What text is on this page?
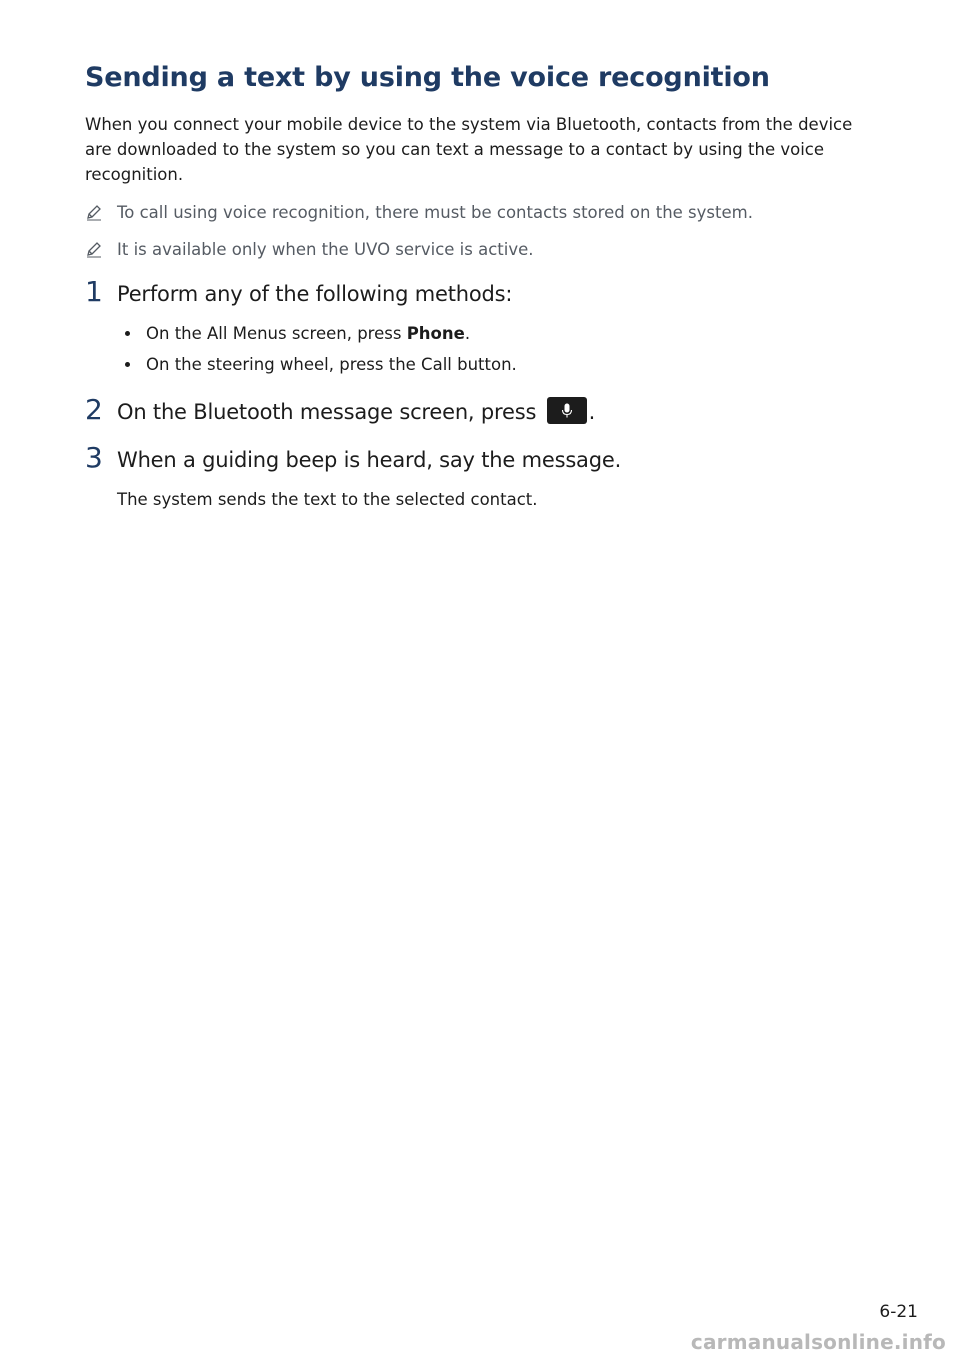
Sending a text by using the voice recognition

When you connect your mobile device to the system via Bluetooth, contacts from the device are downloaded to the system so you can text a message to a contact by using the voice recognition.

To call using voice recognition, there must be contacts stored on the system.
It is available only when the UVO service is active.
1 Perform any of the following methods:
On the All Menus screen, press Phone.
On the steering wheel, press the Call button.
2 On the Bluetooth message screen, press
.
3 When a guiding beep is heard, say the message.

The system sends the text to the selected contact.

6-21
carmanualsonline.info
